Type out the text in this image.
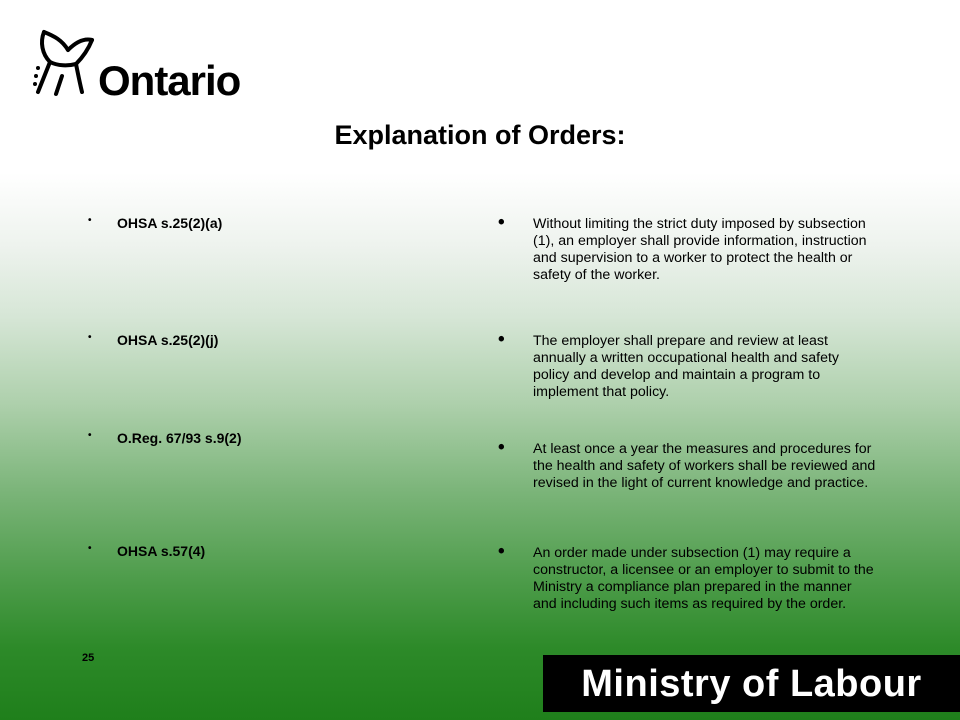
Ontario
Explanation of Orders:
• OHSA s.25(2)(a)
• OHSA s.25(2)(j)
• O.Reg. 67/93 s.9(2)
• OHSA s.57(4)
• Without limiting the strict duty imposed by subsection (1), an employer shall provide information, instruction and supervision to a worker to protect the health or safety of the worker.
• The employer shall prepare and review at least annually a written occupational health and safety policy and develop and maintain a program to implement that policy.
• At least once a year the measures and procedures for the health and safety of workers shall be reviewed and revised in the light of current knowledge and practice.
• An order made under subsection (1) may require a constructor, a licensee or an employer to submit to the Ministry a compliance plan prepared in the manner and including such items as required by the order.
25
Ministry of Labour
